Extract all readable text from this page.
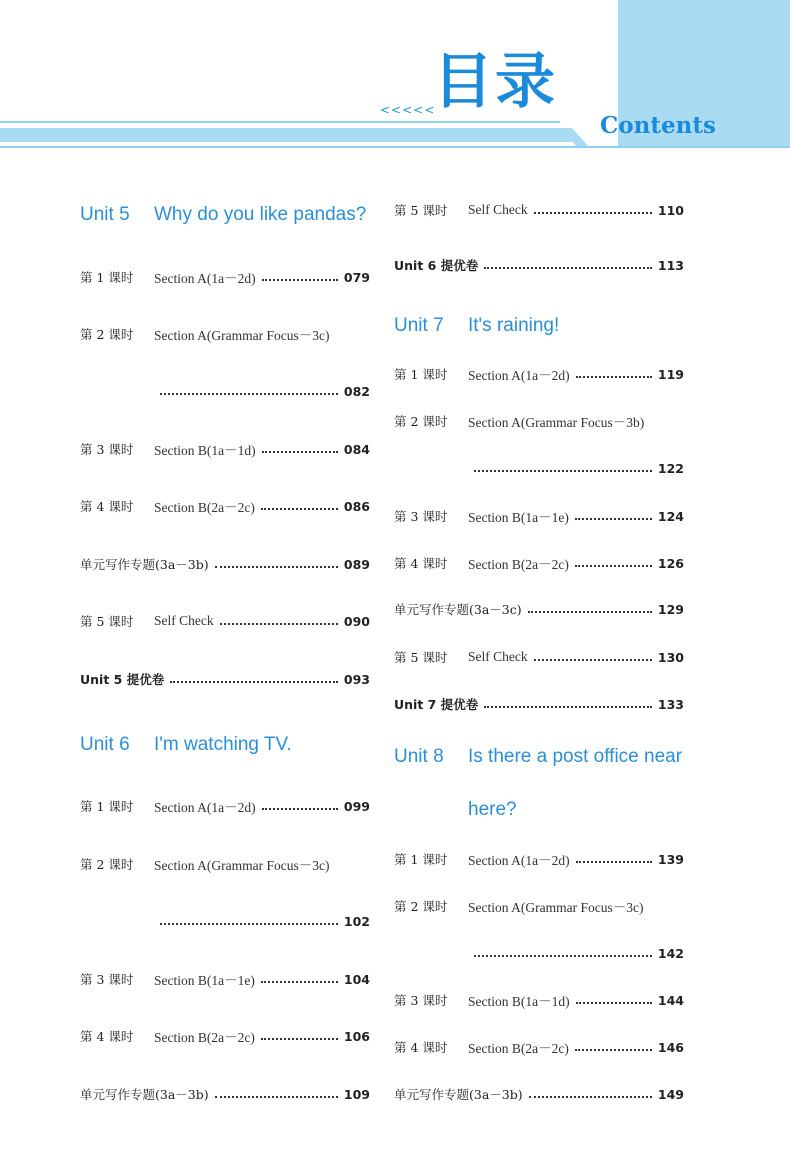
<<<<<
目录
Contents
Unit 5 Why do you like pandas?
第 1 课时	Section A(1a－2d)	079
第 2 课时	Section A(Grammar Focus－3c)
082
第 3 课时	Section B(1a－1d)	084
第 4 课时	Section B(2a－2c)	086
单元写作专题(3a－3b)	089
第 5 课时	Self Check	090
Unit 5 提优卷	093
Unit 6 I'm watching TV.
第 1 课时	Section A(1a－2d)	099
第 2 课时	Section A(Grammar Focus－3c)
102
第 3 课时	Section B(1a－1e)	104
第 4 课时	Section B(2a－2c)	106
单元写作专题(3a－3b)	109
第 5 课时	Self Check	110
Unit 6 提优卷	113
Unit 7 It's raining!
第 1 课时	Section A(1a－2d)	119
第 2 课时	Section A(Grammar Focus－3b)
122
第 3 课时	Section B(1a－1e)	124
第 4 课时	Section B(2a－2c)	126
单元写作专题(3a－3c)	129
第 5 课时	Self Check	130
Unit 7 提优卷	133
Unit 8 Is there a post office near
here?
第 1 课时	Section A(1a－2d)	139
第 2 课时	Section A(Grammar Focus－3c)
142
第 3 课时	Section B(1a－1d)	144
第 4 课时	Section B(2a－2c)	146
单元写作专题(3a－3b)	149
